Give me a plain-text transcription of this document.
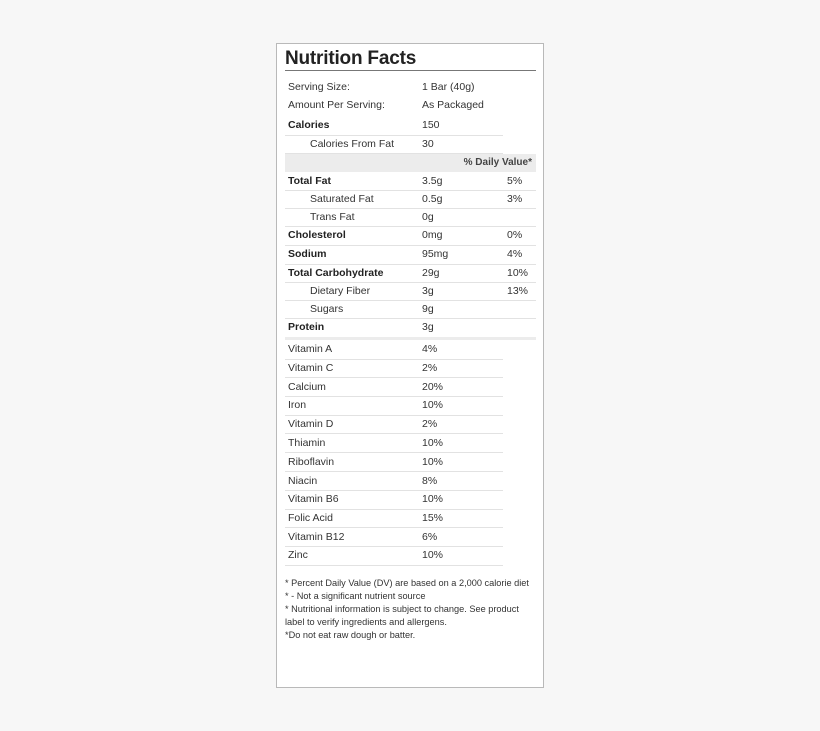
Nutrition Facts
Serving Size:	1 Bar (40g)
Amount Per Serving:	As Packaged
Calories	150
Calories From Fat	30
% Daily Value*
Total Fat	3.5g	5%
Saturated Fat	0.5g	3%
Trans Fat	0g
Cholesterol	0mg	0%
Sodium	95mg	4%
Total Carbohydrate	29g	10%
Dietary Fiber	3g	13%
Sugars	9g
Protein	3g
Vitamin A	4%
Vitamin C	2%
Calcium	20%
Iron	10%
Vitamin D	2%
Thiamin	10%
Riboflavin	10%
Niacin	8%
Vitamin B6	10%
Folic Acid	15%
Vitamin B12	6%
Zinc	10%

* Percent Daily Value (DV) are based on a 2,000 calorie diet

* - Not a significant nutrient source

* Nutritional information is subject to change. See product label to verify ingredients and allergens.

*Do not eat raw dough or batter.
